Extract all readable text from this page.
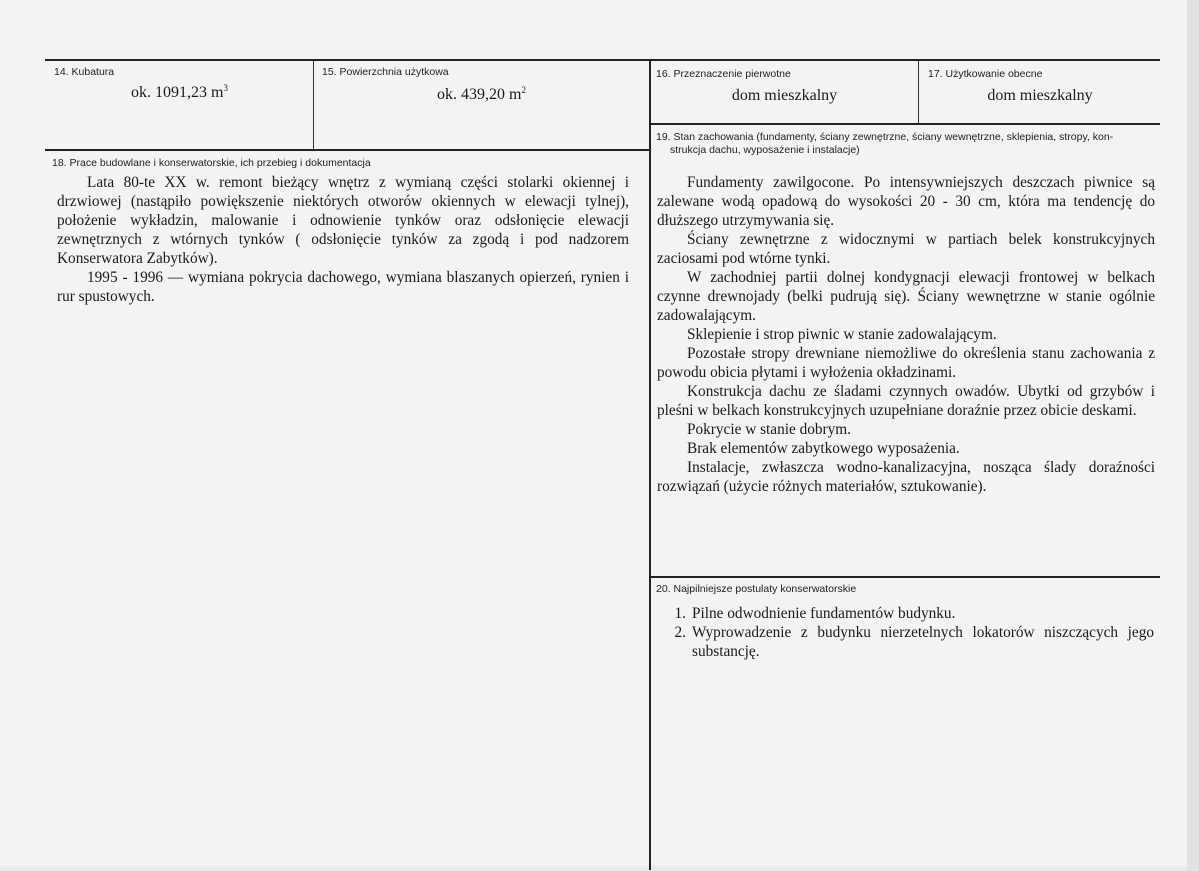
14. Kubatura
ok. 1091,23 $m^3$
15. Powierzchnia użytkowa
ok. 439,20 $m^2$
16. Przeznaczenie pierwotne
dom mieszkalny
17. Użytkowanie obecne
dom mieszkalny
18. Prace budowlane i konserwatorskie, ich przebieg i dokumentacja

Lata 80-te XX w. remont bieżący wnętrz z wymianą części stolarki okiennej i drzwiowej (nastąpiło powiększenie niektórych otworów okiennych w elewacji tylnej), położenie wykładzin, malowanie i odnowienie tynków oraz odsłonięcie elewacji zewnętrznych z wtórnych tynków ( odsłonięcie tynków za zgodą i pod nadzorem Konserwatora Zabytków).

1995 - 1996 — wymiana pokrycia dachowego, wymiana blaszanych opierzeń, rynien i rur spustowych.

19. Stan zachowania (fundamenty, ściany zewnętrzne, ściany wewnętrzne, sklepienia, stropy, kon-
strukcja dachu, wyposażenie i instalacje)

Fundamenty zawilgocone. Po intensywniejszych deszczach piwnice są zalewane wodą opadową do wysokości 20 - 30 cm, która ma tendencję do dłuższego utrzymywania się.

Ściany zewnętrzne z widocznymi w partiach belek konstrukcyjnych zaciosami pod wtórne tynki.

W zachodniej partii dolnej kondygnacji elewacji frontowej w belkach czynne drewnojady (belki pudrują się). Ściany wewnętrzne w stanie ogólnie zadowalającym.

Sklepienie i strop piwnic w stanie zadowalającym.

Pozostałe stropy drewniane niemożliwe do określenia stanu zachowania z powodu obicia płytami i wyłożenia okładzinami.

Konstrukcja dachu ze śladami czynnych owadów. Ubytki od grzybów i pleśni w belkach konstrukcyjnych uzupełniane doraźnie przez obicie deskami.

Pokrycie w stanie dobrym.

Brak elementów zabytkowego wyposażenia.

Instalacje, zwłaszcza wodno-kanalizacyjna, nosząca ślady doraźności rozwiązań (użycie różnych materiałów, sztukowanie).

20. Najpilniejsze postulaty konserwatorskie
1. Pilne odwodnienie fundamentów budynku.
2. Wyprowadzenie z budynku nierzetelnych lokatorów niszczących jego substancję.
